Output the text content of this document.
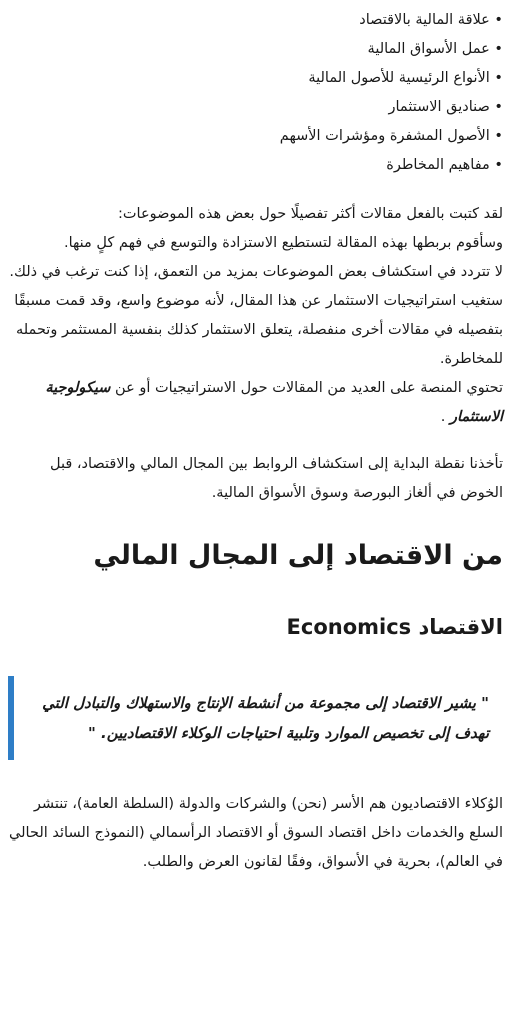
• علاقة المالية بالاقتصاد
• عمل الأسواق المالية
• الأنواع الرئيسية للأصول المالية
• صناديق الاستثمار
• الأصول المشفرة ومؤشرات الأسهم
• مفاهيم المخاطرة

لقد كتبت بالفعل مقالات أكثر تفصيلًا حول بعض هذه الموضوعات:

وسأقوم بربطها بهذه المقالة لتستطيع الاستزادة والتوسع في فهم كلٍ منها.

لا تتردد في استكشاف بعض الموضوعات بمزيد من التعمق، إذا كنت ترغب في ذلك.

ستغيب استراتيجيات الاستثمار عن هذا المقال، لأنه موضوع واسع، وقد قمت مسبقًا بتفصيله في مقالات أخرى منفصلة، يتعلق الاستثمار كذلك بنفسية المستثمر وتحمله للمخاطرة.

تحتوي المنصة على العديد من المقالات حول الاستراتيجيات أو عن سيكولوجية الاستثمار .

تأخذنا نقطة البداية إلى استكشاف الروابط بين المجال المالي والاقتصاد، قبل الخوض في ألغاز البورصة وسوق الأسواق المالية.

من الاقتصاد إلى المجال المالي
الاقتصاد Economics
" يشير الاقتصاد إلى مجموعة من أنشطة الإنتاج والاستهلاك والتبادل التي تهدف إلى تخصيص الموارد وتلبية احتياجات الوكلاء الاقتصاديين. "

الوُكلاء الاقتصاديون هم الأسر (نحن) والشركات والدولة (السلطة العامة)، تنتشر السلع والخدمات داخل اقتصاد السوق أو الاقتصاد الرأسمالي (النموذج السائد الحالي في العالم)، بحرية في الأسواق، وفقًا لقانون العرض والطلب.
